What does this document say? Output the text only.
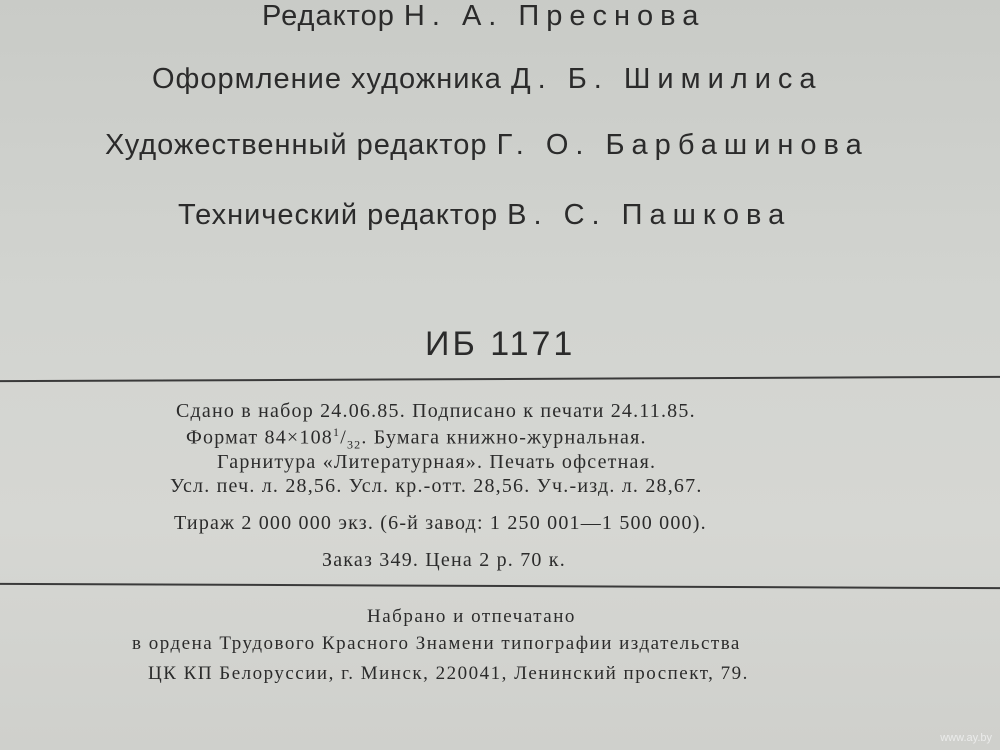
Редактор Н. А. Преснова
Оформление художника Д. Б. Шимилиса
Художественный редактор Г. О. Барбашинова
Технический редактор В. С. Пашкова
ИБ 1171
Сдано в набор 24.06.85. Подписано к печати 24.11.85.
Формат $84\times 108^1/_{32}$. Бумага книжно-журнальная.
Гарнитура «Литературная». Печать офсетная.
Усл. печ. л. 28,56. Усл. кр.-отт. 28,56. Уч.-изд. л. 28,67.
Тираж 2 000 000 экз. (6-й завод: 1 250 001—1 500 000).
Заказ 349. Цена 2 р. 70 к.
Набрано и отпечатано
в ордена Трудового Красного Знамени типографии издательства
ЦК КП Белоруссии, г. Минск, 220041, Ленинский проспект, 79.
www.ay.by
